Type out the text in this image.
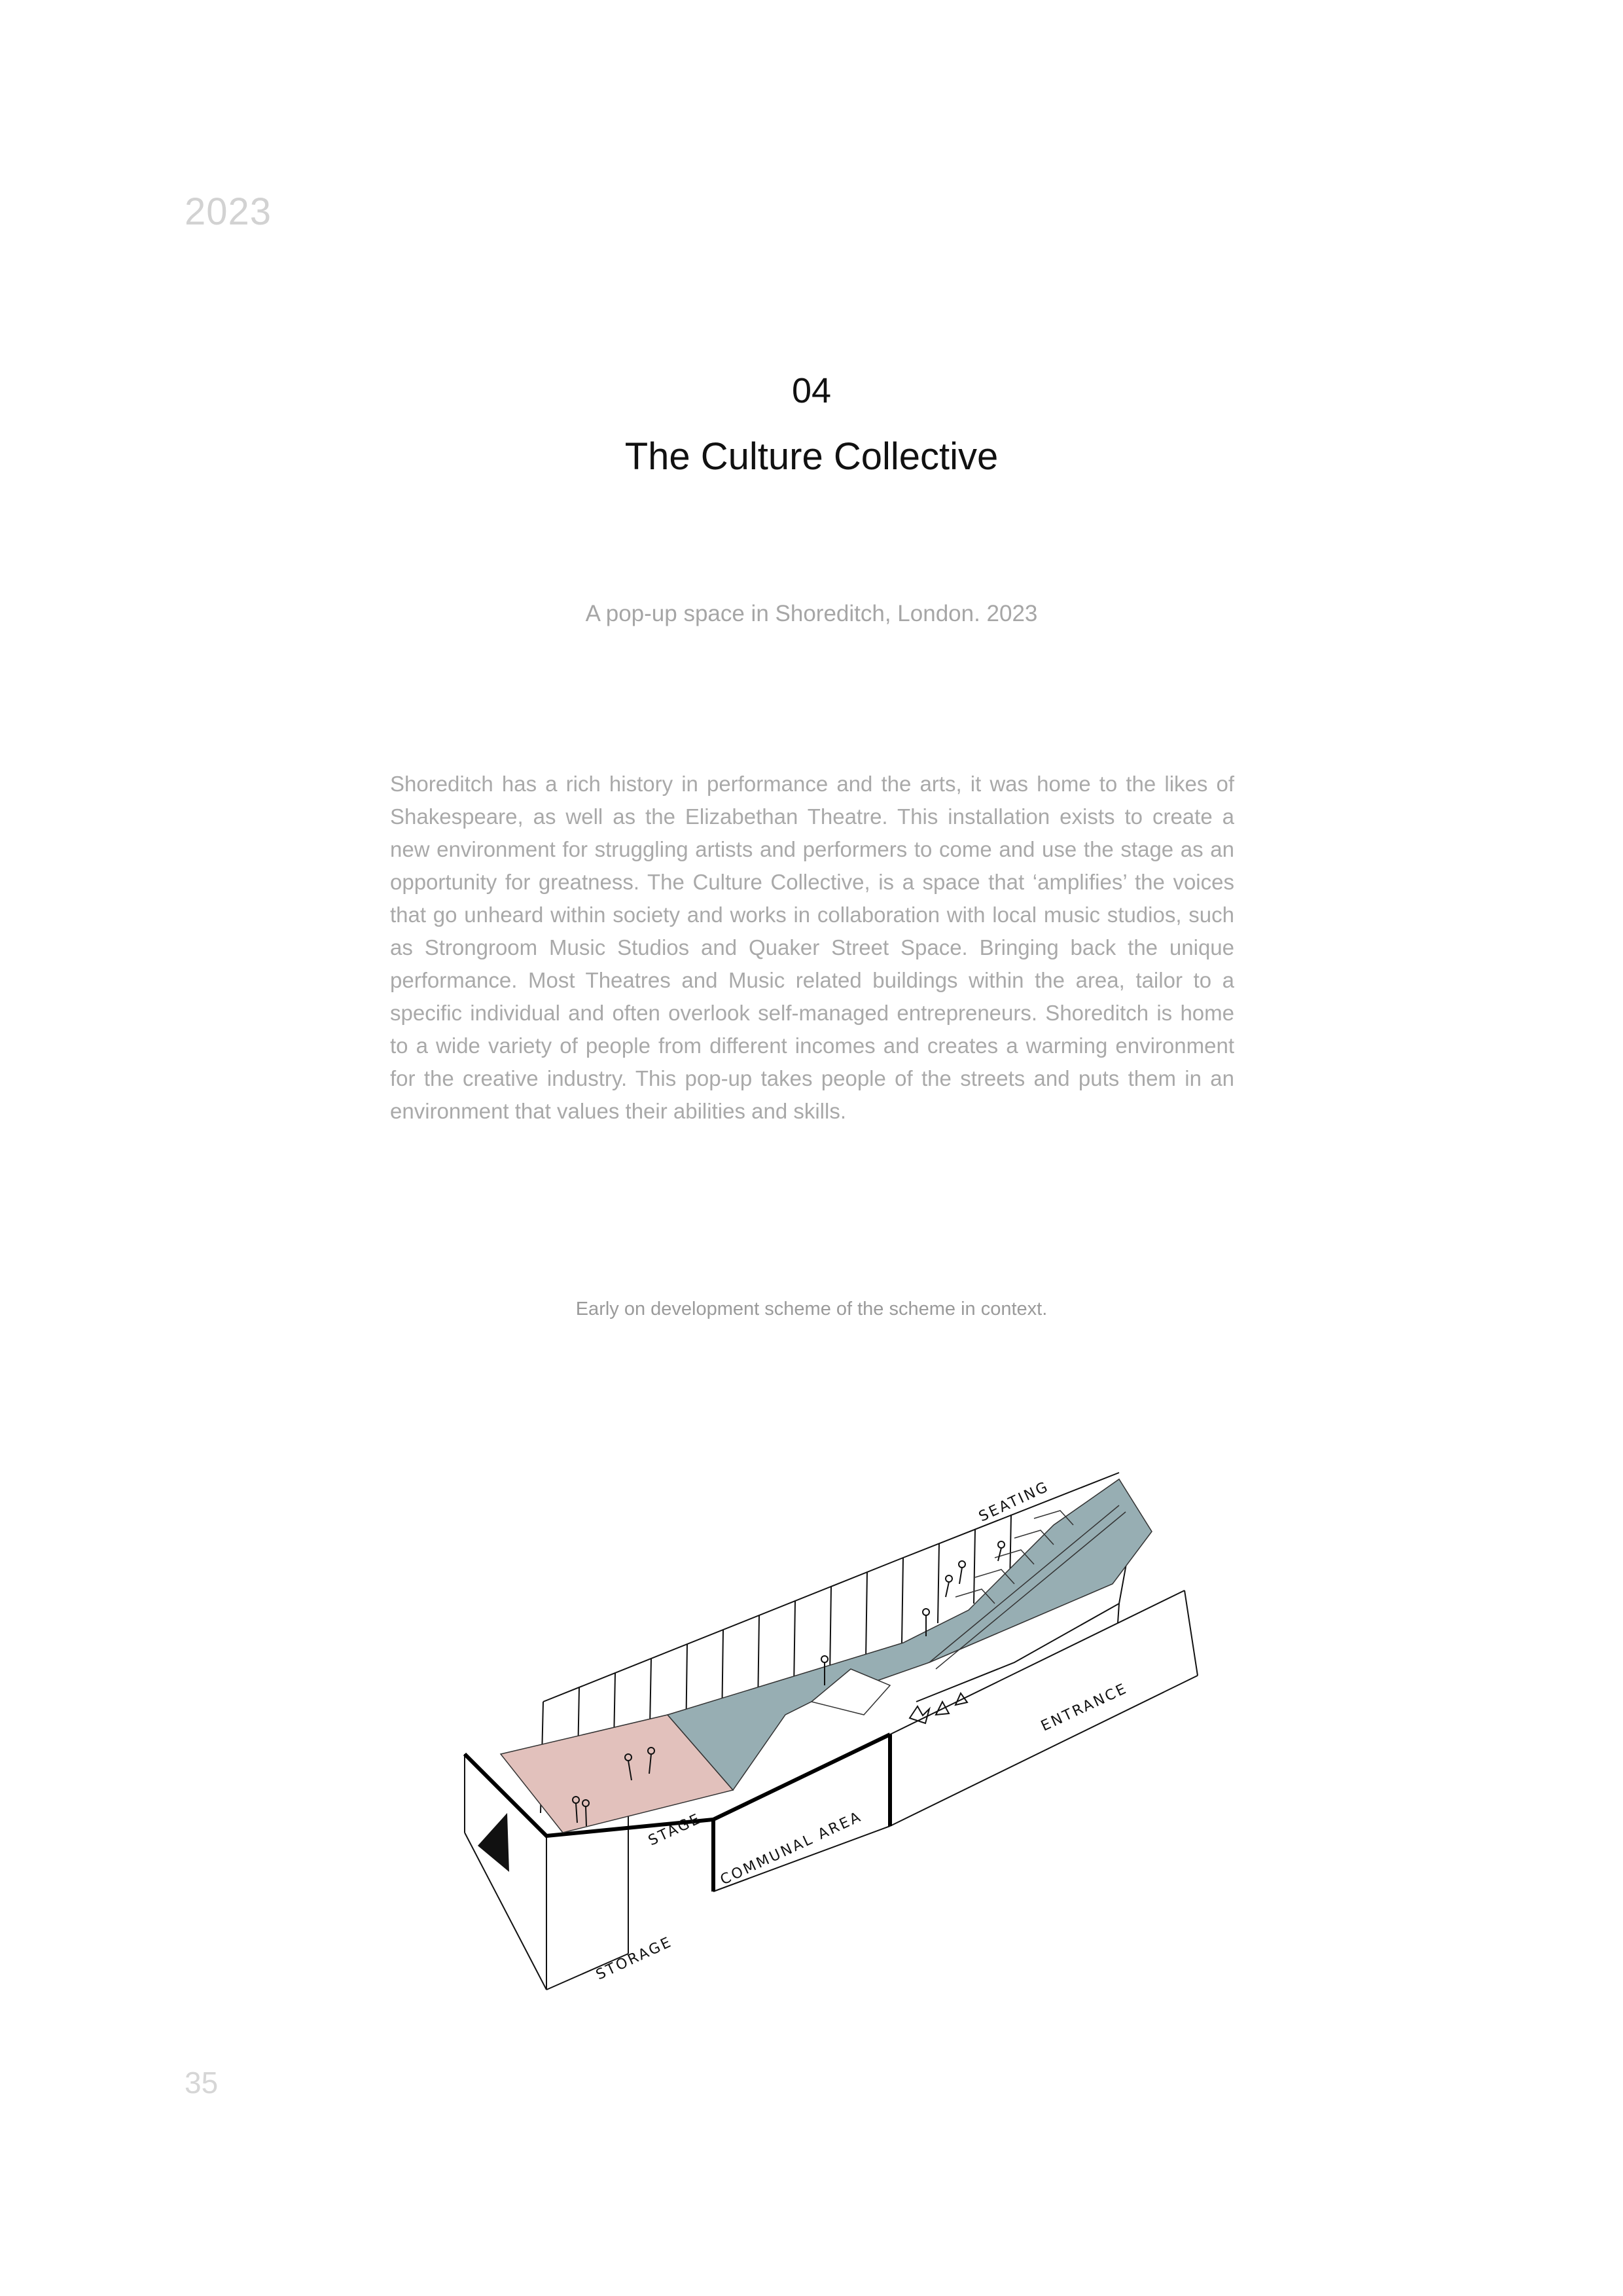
2023
04
The Culture Collective
A pop-up space in Shoreditch, London. 2023

Shoreditch has a rich history in performance and the arts, it was home to the likes of Shakespeare, as well as the Elizabethan Theatre. This installation exists to create a new environment for struggling artists and performers to come and use the stage as an opportunity for greatness. The Culture Collective, is a space that ‘amplifies’ the voices that go unheard within society and works in collaboration with local music studios, such as Strongroom Music Studios and Quaker Street Space. Bringing back the unique performance. Most Theatres and Music related buildings within the area, tailor to a specific individual and often overlook self-managed entrepreneurs. Shoreditch is home to a wide variety of people from different incomes and creates a warming environment for the creative industry. This pop-up takes people of the streets and puts them in an environment that values their abilities and skills.

Early on development scheme of the scheme in context.
SEATING
ENTRANCE
STAGE COMMUNAL AREA
STORAGE
35
